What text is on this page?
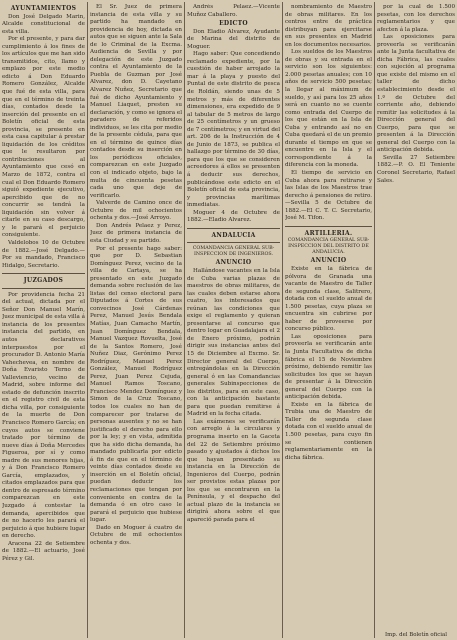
AYUNTAMIENTOS

Don José Delgado Marin, Alcalde constitucional de esta villa.

Por el presente, y para dar cumplimiento á los fines de los artículos que me han sido transmitidos, cito, llamo y emplazo por este medio edicto á Don Eduardo Romero González, Alcalde que fué de esta villa, para que en el término de treinta días, contados desde la inserción del presente en el Boletín oficial de esta provincia, se presente en esta casa capitular á prestar liquidación de los créditos que le resultaron por contribuciones al Ayuntamiento que cesó en Marzo de 1872, contra el cual el Don Eduardo Romero siguió expediente ejecutivo, apercibido que de no concurrir se tendrá la liquidación sin volver á citarle en su caso descargo, y le parará el perjuicio consiguiente.

Valdelobos 10 de Octubre de 1882.—José Delgado.—Por su mandado, Francisco Hidalgo, Secretario.

JUZGADOS

Por providencia fecha 21 del actual, dictada por el Señor Don Manuel Marín, Juez municipal de esta villa á instancia de los presentes instancia del partido, en autos declarativos interpuestos por el procurador D. Antonio María Vahechevea, en nombre de Doña Evaristo Terno de Valleviencio, vecino de Madrid, sobre informe del estado de defunción inscrito en el registro civil de esta dicha villa, por consiguiente de la muerte de Don Francisco Romero García; en cuyos autos se conviene tratado por término de nueve días á Doña Mercedes Figueroa, por sí y como madre de sus menores hijas, y á Don Francisco Romero García, emplazados, y citados emplazados para que dentro de espresado término comparezcan en este Juzgado á contestar la demanda, apercibidos que de no hacerlo les parará el perjuicio á que hubiere lugar en derecho.

Aracena 22 de Setiembre de 1882.—El actuario, José Pérez y Gil.

El Sr. Juez de primera instancia de esta villa y su partido ha mandado en providencia de hoy, dictada en autos que se siguen ante la Sala de lo Criminal de la Excma. Audiencia de Sevilla y por delegación de este Juzgado contra el Ayuntamiento de la Puebla de Guzman por José Alvarez, don D. Cayetano Alvarez Nuñez, Secretario que fué de dicho Ayuntamiento y Manuel Liaquet, presten su declaración, y como se ignora el paradero de referidos individuos, se les cita por medio de la presente cédula, para que en el término de quince días contados desde su inserción en los periódicos oficiales, comparezcan en este Juzgado con el indicado objeto, bajo la multa de cincuenta pesetas cada uno que deje de verificarlo.

Valverde de Camino once de Octubre de mil ochocientos ochenta y dos.—José Arroyo.

Don Andrés Pelaez y Perez, Juez de primera instancia de esta Ciudad y su partido.

Por el presente hago saber: que por D. Sebastian Domínguez Perez, vecino de la villa de Cartaya, se ha presentado en este Juzgado demanda sobre reclusión de las listas del censo electoral para Diputados á Cortes de sus convecinos José Cárdenas Perez, Manuel Jesús Bendala Matías, Juan Camacho Martín, Juan Domínguez Bendala, Manuel Vazquez Rovuelta, José de la Santos Romero, José Nuñez Diaz, Gerónimo Perez Rodríguez, Manuel Perez González, Manuel Rodríguez Perez, Juan Perez Cejuda, Manuel Ramos Toscano, Francisco Mendez Domínguez y Simon de la Cruz Toscano, todos los cuales no han de comparecer por tratarse de personas ausentes y no se han justificado el derecho para ello por la ley; y en vista, admitida que ha sido dicha demanda, ha mandado publicarla por edicto á fin de que en el término de veinte días contados desde su inserción en el Boletín oficial, puedan deducir los reclamaciones que tengan por conveniente en contra de la demanda ó en otro caso le parará el perjuicio que hubiese lugar.

Dado en Moguer á cuatro de Octubre de mil ochocientos ochenta y dos.

Andrés Pelaez.—Vicente Muñoz Caballero.

EDICTO

Don Eladio Alvarez, Ayudante de Marina del distrito de Moguer.

Hago saber: Que concediendo reclamado expediente, por la cuestión de haber arrojado la mar á la playa y puesto del Puntal de este distrito de pesca de Roldán, siendo unas de 5 metros y más de diferentes dimensiones, era expedido de 9 al tabular de 5 metros de largo de 25 centímetros y un grueso de 7 centímetros; y en virtud del art. 206 de la Instrucción de 4 de Junio de 1873, se publica el hallazgo por término de 30 días, para que los que se consideren acreedores á ellos se presenten á deducir sus derechos, publicándose este edicto en el Boletín oficial de esta provincia, y provincias marítimas inmediatas.

Moguer 4 de Octubre de 1882.—Eladio Alvarez.

ANDALUCIA
COMANDANCIA GENERAL SUB-INSPECCION DE INGENIEROS.
ANUNCIO

Hallándose vacantes en la Isla de Cuba varias plazas de maestros de obras militares, de las cuales deben estarse ahora cuatro, los interesados que reúnan las condiciones que exige el reglamento y quieran presentarse al concurso que dentro logar en Guadalajara el 2 de Enero próximo, podrán dirigir sus instancias antes del 15 de Diciembre al Excmo. Sr. Director general del Cuerpo, entregándolas en la Dirección general ó en las Comandancias generales Subinspecciones de los distritos, para en este caso, con la anticipación bastante para que puedan remitirse á Madrid en la fecha citada.

Las exámenes se verificarán con arreglo á la circulares y programa inserto en la Gaceta del 22 de Setiembre próximo pasado y ajustados á dichos los que hayan presentado su instancia en la Dirección de Ingenieros del Cuerpo, podrán ser provistos estas plazas por los que se encontraren en la Península, y el despacho del actual plazo de la instancia se dirigirá ahora sobre el que apareció parada para el

nombramiento de Maestro de obras militares. En los centros entre de práctica distribuyan para ejercitarse en sus presentes en Madrid en los documentos necesarios.

Los sueldos de los Maestros de obras y su entrada en el servicio son los siguientes: 2.000 pesetas anuales; con 10 años de servicio 500 pesetas; la llegar al máximum de sueldo, y así para los 25 años será en cuanto no se cuente como entrada del Cuerpo de los que están en la Isla de Cuba y entrando así no en Cuba quedará el de un premio durante el tiempo en que se encuentre en la Isla y el correspondiente á la diferencia con la moneda.

El tiempo de servicio en Cuba ahora para retirarse y las Islas de los Maestros trae derecho á pensiones de retiro.—Sevilla 5 de Octubre de 1882.—El C. T. C. Secretario, José M. Tifon.

ARTILLERIA.
COMANDANCIA GENERAL SUB-INSPECCION DEL DISTRITO DE ANDALUCIA.
ANUNCIO

Existe en la fábrica de pólvora de Granada una vacante de Maestro de Taller de segunda clase, Salitrero, dotada con el sueldo anual de 1.500 pesetas, cuya plaza se encuentra sin cubrirse por haber de proveerse por concurso público.

Las oposiciones para proveerla se verificarán ante la Junta Facultativa de dicha fábrica el 15 de Noviembre próximo, debiendo remitir las solicitudes los que se hayan de presentar á la Dirección general del Cuerpo con la anticipación debida.

Existe en la fábrica de Trubia una de Maestro de Taller de segunda clase dotada con el sueldo anual de 1.500 pesetas, para cuyo fin se contienen reglamentariamente en la dicha fábrica.

por la cual de 1.500 pesetas, con los derechos reglamentarios y que afecten á la plaza.

Las oposiciones para proveerla se verificarán ante la Junta facultativa de dicha Fábrica, las cuales con sujeción al programa que existe del mismo en el taller de dicho establecimiento desde el 1.º de Octubre del corriente año, debiendo remitir las solicitudes á la Dirección general del Cuerpo, para que se presenten á la Dirección general del Cuerpo con la anticipación debida.

Sevilla 27 Setiembre 1882.—P. O. El Teniente Coronel Secretario, Rafael Sales.

Imp. del Boletín oficial
